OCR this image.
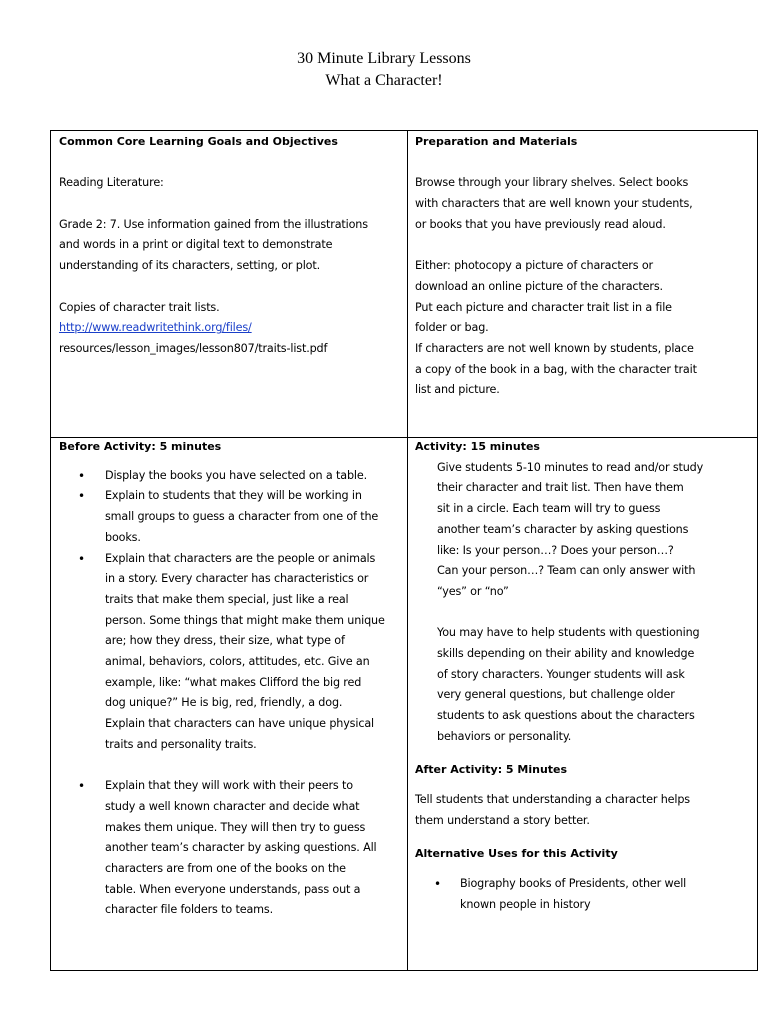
30 Minute Library Lessons
What a Character!

Common Core Learning Goals and Objectives

Reading Literature:

Grade 2: 7. Use information gained from the illustrations

and words in a print or digital text to demonstrate

understanding of its characters, setting, or plot.

Copies of character trait lists.

http://www.readwritethink.org/files/

resources/lesson_images/lesson807/traits-list.pdf

Preparation and Materials

Browse through your library shelves. Select books

with characters that are well known your students,

or books that you have previously read aloud.

Either: photocopy a picture of characters or

download an online picture of the characters.

Put each picture and character trait list in a file

folder or bag.

If characters are not well known by students, place

a copy of the book in a bag, with the character trait

list and picture.

Before Activity: 5 minutes

• Display the books you have selected on a table.

• Explain to students that they will be working in

small groups to guess a character from one of the

books.

• Explain that characters are the people or animals

in a story. Every character has characteristics or

traits that make them special, just like a real

person. Some things that might make them unique

are; how they dress, their size, what type of

animal, behaviors, colors, attitudes, etc. Give an

example, like: “what makes Clifford the big red

dog unique?” He is big, red, friendly, a dog.

Explain that characters can have unique physical

traits and personality traits.

• Explain that they will work with their peers to

study a well known character and decide what

makes them unique. They will then try to guess

another team’s character by asking questions. All

characters are from one of the books on the

table. When everyone understands, pass out a

character file folders to teams.

Activity: 15 minutes

Give students 5-10 minutes to read and/or study

their character and trait list. Then have them

sit in a circle. Each team will try to guess

another team’s character by asking questions

like: Is your person…? Does your person…?

Can your person…? Team can only answer with

“yes” or “no”

You may have to help students with questioning

skills depending on their ability and knowledge

of story characters. Younger students will ask

very general questions, but challenge older

students to ask questions about the characters

behaviors or personality.

After Activity: 5 Minutes

Tell students that understanding a character helps

them understand a story better.

Alternative Uses for this Activity

• Biography books of Presidents, other well

known people in history
